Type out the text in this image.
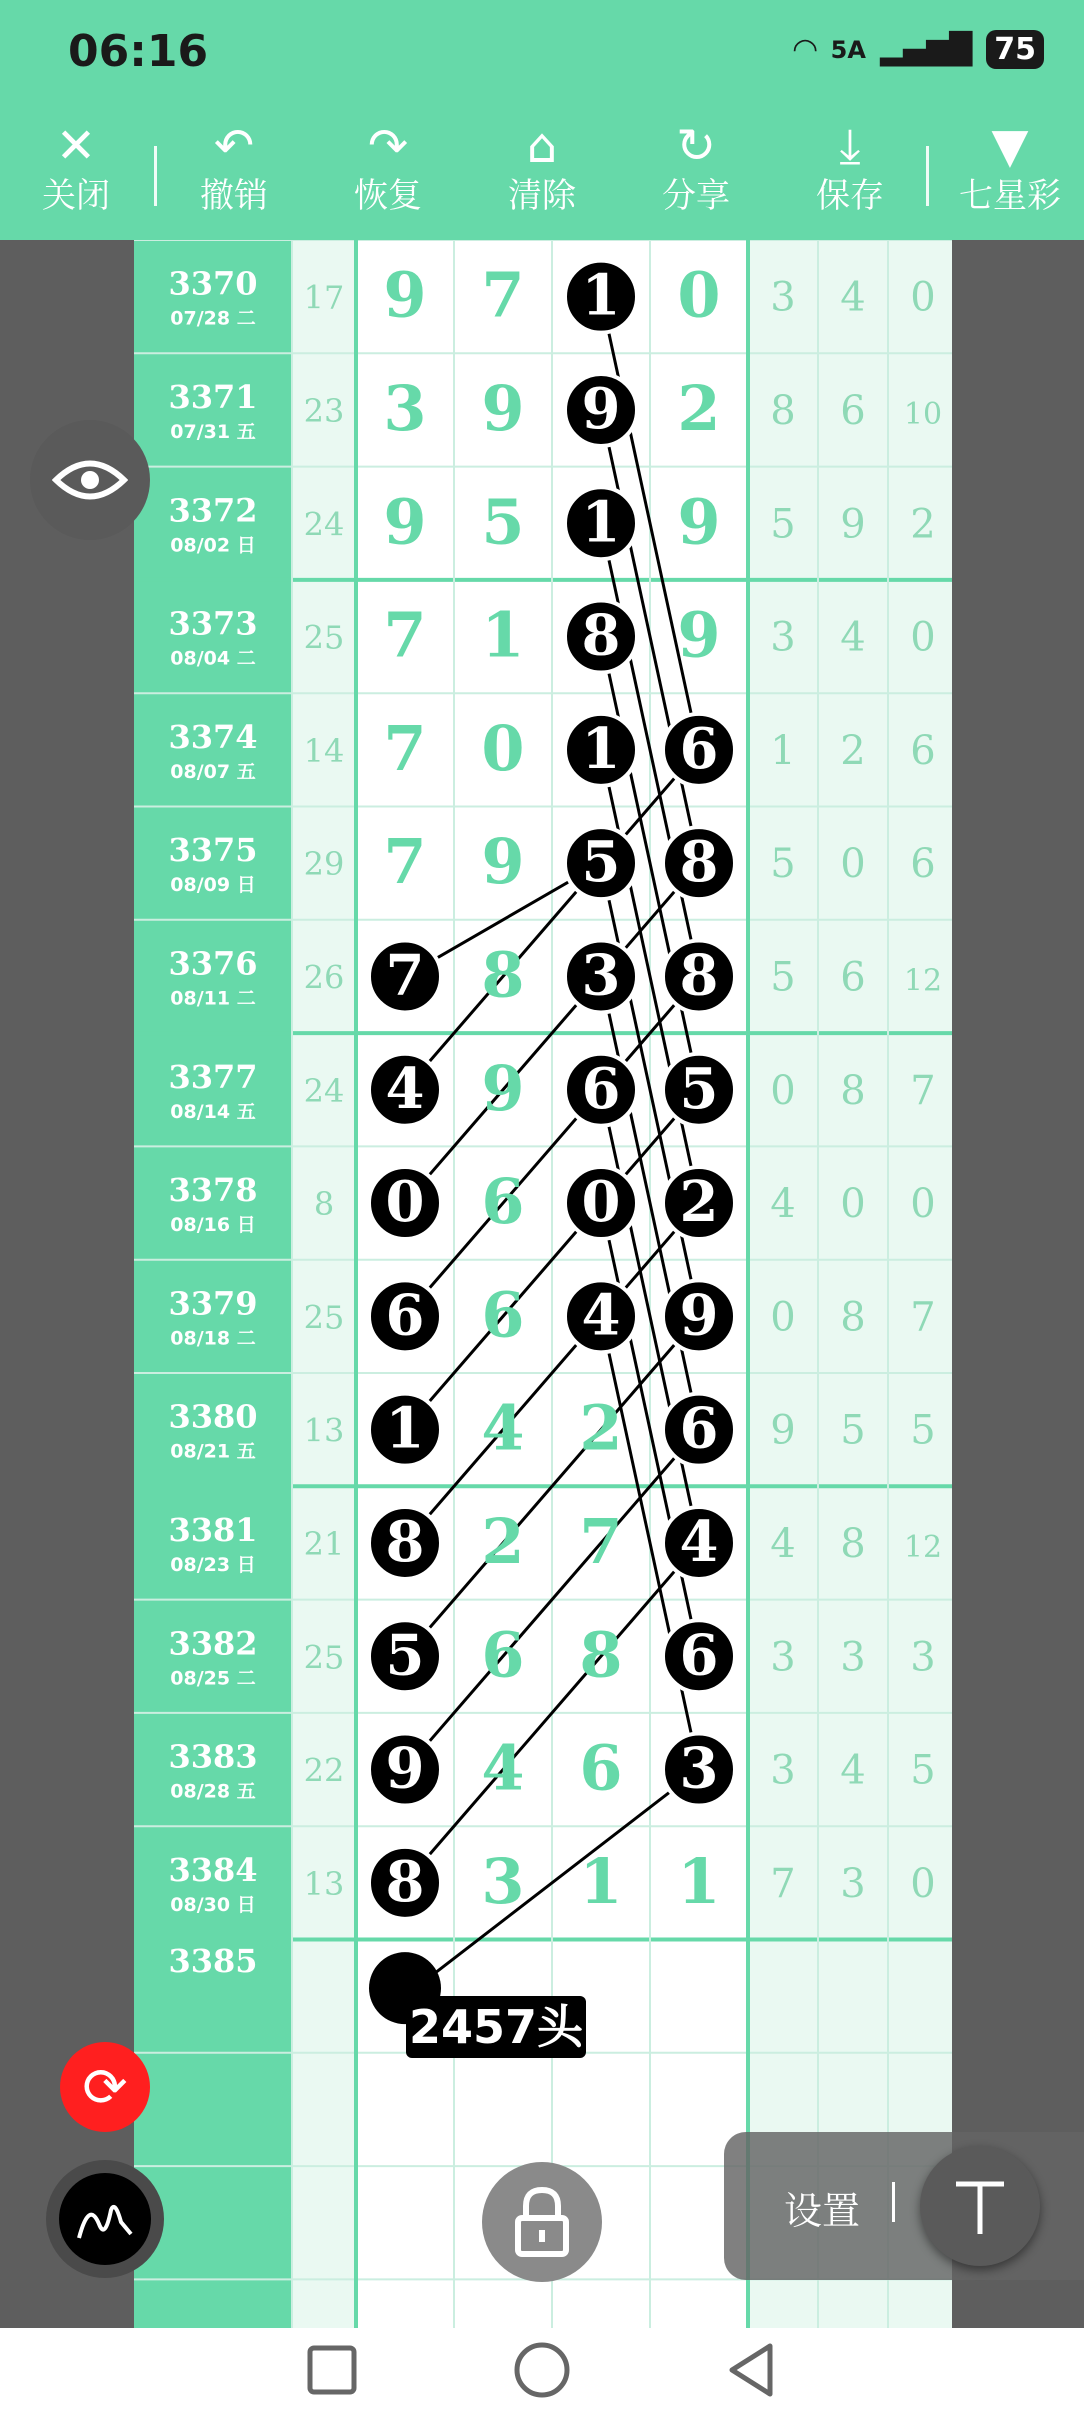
06:16	◠ 5A ▂▄▆█ 75
✕
关闭
↶
撤销
↷
恢复
⌂
清除
↻
分享
⤓
保存
▼
七星彩
3370
07/28 二
17 9 7 1 0 3 4 0
3371
07/31 五
23 3 9 9 2 8 6 10
3372
08/02 日
24 9 5 1 9 5 9 2
3373
08/04 二
25 7 1 8 9 3 4 0
3374
08/07 五
14 7 0 1 6 1 2 6
3375
08/09 日
29 7 9 5 8 5 0 6
3376
08/11 二
26 7 8 3 8 5 6 12
3377
08/14 五
24 4 9 6 5 0 8 7
3378
08/16 日
8 0 6 0 2 4 0 0
3379
08/18 二
25 6 6 4 9 0 8 7
3380
08/21 五
13 1 4 2 6 9 5 5
3381
08/23 日
21 8 2 7 4 4 8 12
3382
08/25 二
25 5 6 8 6 3 3 3
3383
08/28 五
22 9 4 6 3 3 4 5
3384
08/30 日
13 8 3 1 1 7 3 0
3385
2457头
⟳
设置
